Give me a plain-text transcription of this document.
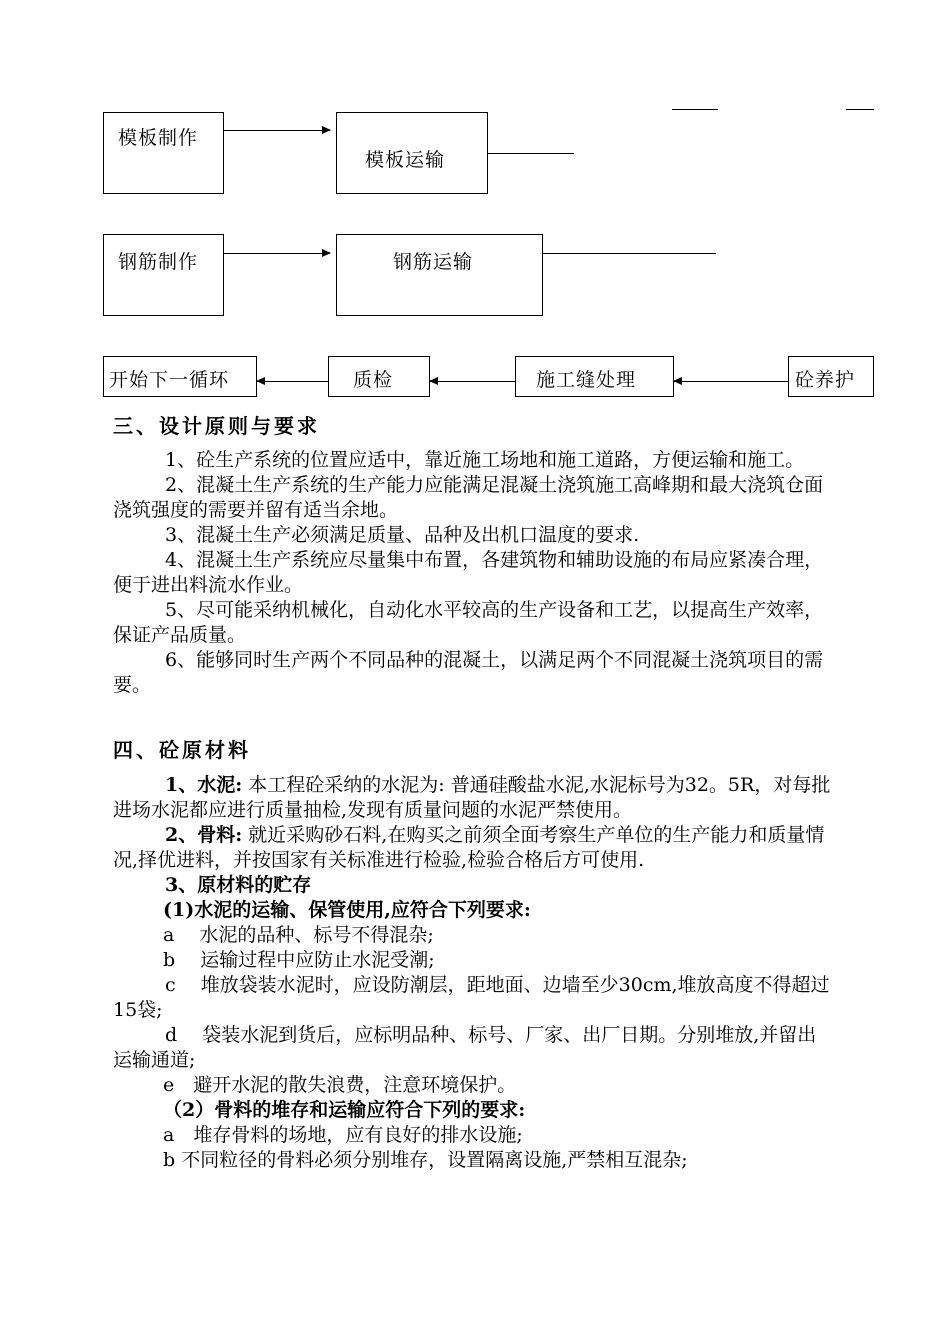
模板制作
模板运输
钢筋制作	钢筋运输
开始下一循环	质检	施工缝处理	砼养护
三、设计原则与要求

1、砼生产系统的位置应适中，靠近施工场地和施工道路，方便运输和施工。

2、混凝土生产系统的生产能力应能满足混凝土浇筑施工高峰期和最大浇筑仓面浇筑强度的需要并留有适当余地。

3、混凝土生产必须满足质量、品种及出机口温度的要求.

4、混凝土生产系统应尽量集中布置，各建筑物和辅助设施的布局应紧凑合理，便于进出料流水作业。

5、尽可能采纳机械化，自动化水平较高的生产设备和工艺，以提高生产效率，保证产品质量。

6、能够同时生产两个不同品种的混凝土，以满足两个不同混凝土浇筑项目的需要。

四、砼原材料

1、水泥: 本工程砼采纳的水泥为: 普通硅酸盐水泥,水泥标号为32。5R，对每批进场水泥都应进行质量抽检,发现有质量问题的水泥严禁使用。

2、骨料: 就近采购砂石料,在购买之前须全面考察生产单位的生产能力和质量情况,择优进料，并按国家有关标准进行检验,检验合格后方可使用.

3、原材料的贮存

(1)水泥的运输、保管使用,应符合下列要求:

a　 水泥的品种、标号不得混杂;

b　 运输过程中应防止水泥受潮;

c　 堆放袋装水泥时，应设防潮层，距地面、边墙至少30cm,堆放高度不得超过15袋;

d　 袋装水泥到货后，应标明品种、标号、厂家、出厂日期。分别堆放,并留出运输通道;

e　避开水泥的散失浪费，注意环境保护。

（2）骨料的堆存和运输应符合下列的要求:

a　堆存骨料的场地，应有良好的排水设施;

b 不同粒径的骨料必须分别堆存，设置隔离设施,严禁相互混杂;
